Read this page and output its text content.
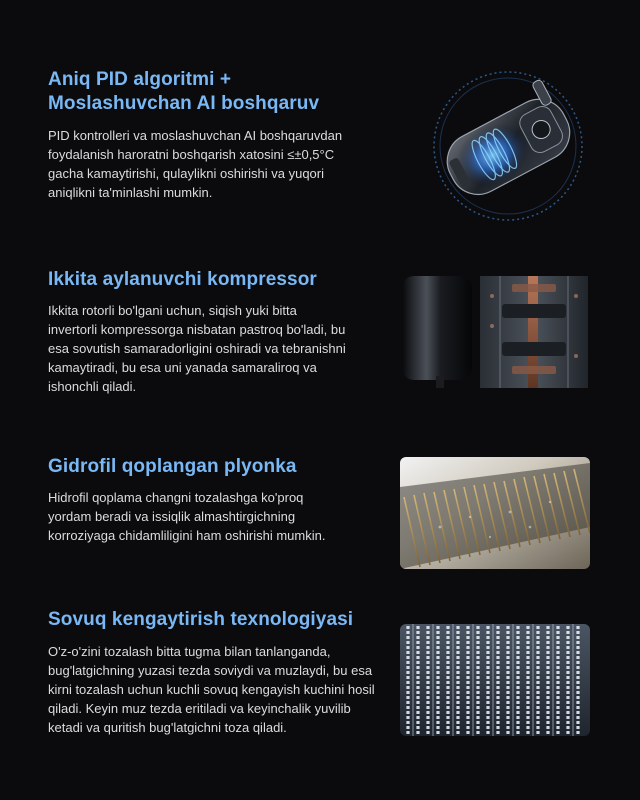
Aniq PID algoritmi + Moslashuvchan AI boshqaruv
PID kontrolleri va moslashuvchan AI boshqaruvdan foydalanish haroratni boshqarish xatosini ≤±0,5°C gacha kamaytirishi, qulaylikni oshirishi va yuqori aniqlikni ta'minlashi mumkin.
Ikkita aylanuvchi kompressor
Ikkita rotorli bo'lgani uchun, siqish yuki bitta invertorli kompressorga nisbatan pastroq bo'ladi, bu esa sovutish samaradorligini oshiradi va tebranishni kamaytiradi, bu esa uni yanada samaraliroq va ishonchli qiladi.
Gidrofil qoplangan plyonka
Hidrofil qoplama changni tozalashga ko'proq yordam beradi va issiqlik almashtirgichning korroziyaga chidamliligini ham oshirishi mumkin.
Sovuq kengaytirish texnologiyasi
O'z-o'zini tozalash bitta tugma bilan tanlanganda, bug'latgichning yuzasi tezda soviydi va muzlaydi, bu esa kirni tozalash uchun kuchli sovuq kengayish kuchini hosil qiladi. Keyin muz tezda eritiladi va keyinchalik yuvilib ketadi va quritish bug'latgichni toza qiladi.
